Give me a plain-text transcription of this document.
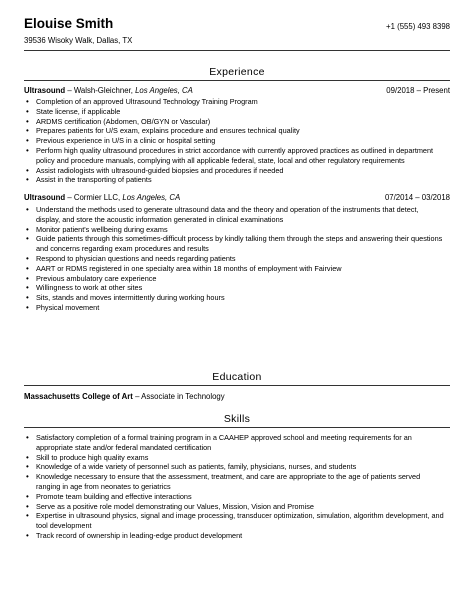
Elouise Smith
39536 Wisoky Walk, Dallas, TX
+1 (555) 493 8398
Experience
Ultrasound – Walsh-Gleichner, Los Angeles, CA	09/2018 – Present
• Completion of an approved Ultrasound Technology Training Program
• State license, if applicable
• ARDMS certification (Abdomen, OB/GYN or Vascular)
• Prepares patients for U/S exam, explains procedure and ensures technical quality
• Previous experience in U/S in a clinic or hospital setting
• Perform high quality ultrasound procedures in strict accordance with currently approved practices as outlined in department policy and procedure manuals, complying with all applicable federal, state, local and other regulatory requirements
• Assist radiologists with ultrasound-guided biopsies and procedures if needed
• Assist in the transporting of patients
Ultrasound – Cormier LLC, Los Angeles, CA	07/2014 – 03/2018
• Understand the methods used to generate ultrasound data and the theory and operation of the instruments that detect, display, and store the acoustic information generated in clinical examinations
• Monitor patient's wellbeing during exams
• Guide patients through this sometimes-difficult process by kindly talking them through the steps and answering their questions and concerns regarding exam procedures and results
• Respond to physician questions and needs regarding patients
• AART or RDMS registered in one specialty area within 18 months of employment with Fairview
• Previous ambulatory care experience
• Willingness to work at other sites
• Sits, stands and moves intermittently during working hours
• Physical movement
Education
Massachusetts College of Art – Associate in Technology
Skills
• Satisfactory completion of a formal training program in a CAAHEP approved school and meeting requirements for an appropriate state and/or federal mandated certification
• Skill to produce high quality exams
• Knowledge of a wide variety of personnel such as patients, family, physicians, nurses, and students
• Knowledge necessary to ensure that the assessment, treatment, and care are appropriate to the age of patients served ranging in age from neonates to geriatrics
• Promote team building and effective interactions
• Serve as a positive role model demonstrating our Values, Mission, Vision and Promise
• Expertise in ultrasound physics, signal and image processing, transducer optimization, simulation, algorithm development, and tool development
• Track record of ownership in leading-edge product development
